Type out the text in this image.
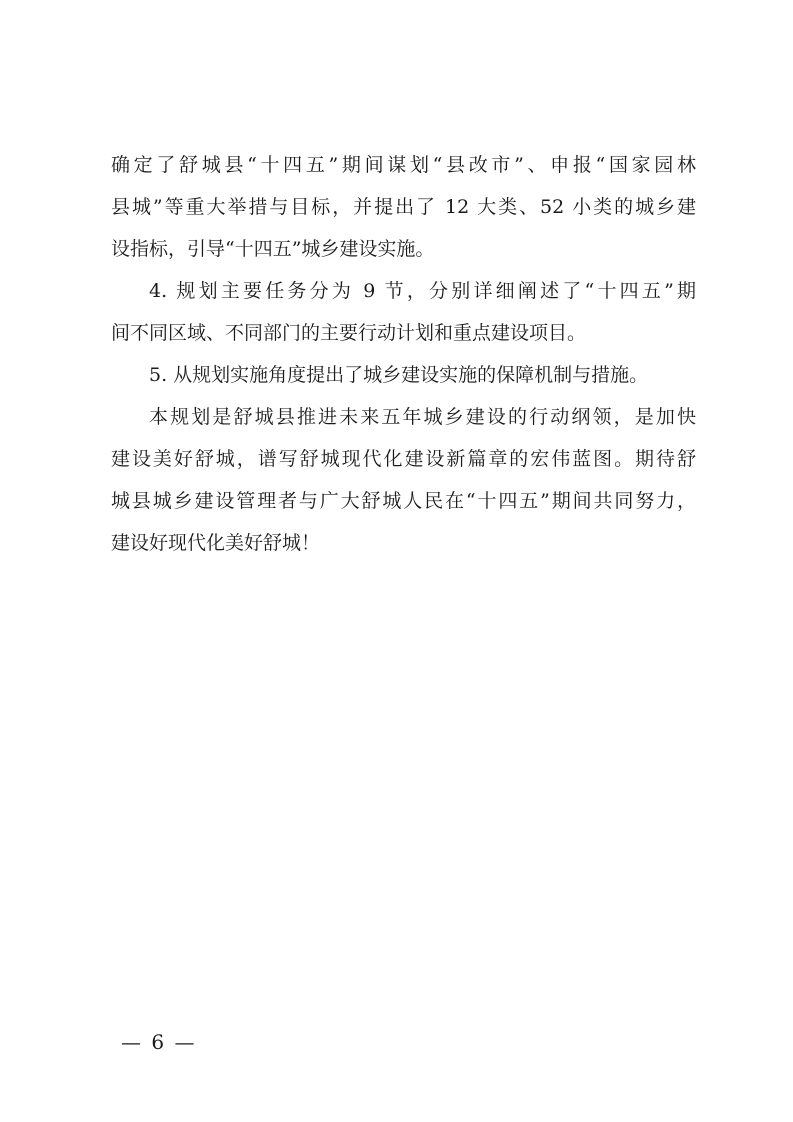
确定了舒城县“十四五”期间谋划“县改市”、申报“国家园林
县城”等重大举措与目标，并提出了 12 大类、52 小类的城乡建
设指标，引导“十四五”城乡建设实施。
4. 规划主要任务分为 9 节，分别详细阐述了“十四五”期
间不同区域、不同部门的主要行动计划和重点建设项目。
5. 从规划实施角度提出了城乡建设实施的保障机制与措施。
本规划是舒城县推进未来五年城乡建设的行动纲领，是加快
建设美好舒城，谱写舒城现代化建设新篇章的宏伟蓝图。期待舒
城县城乡建设管理者与广大舒城人民在“十四五”期间共同努力，
建设好现代化美好舒城！
— 6 —
